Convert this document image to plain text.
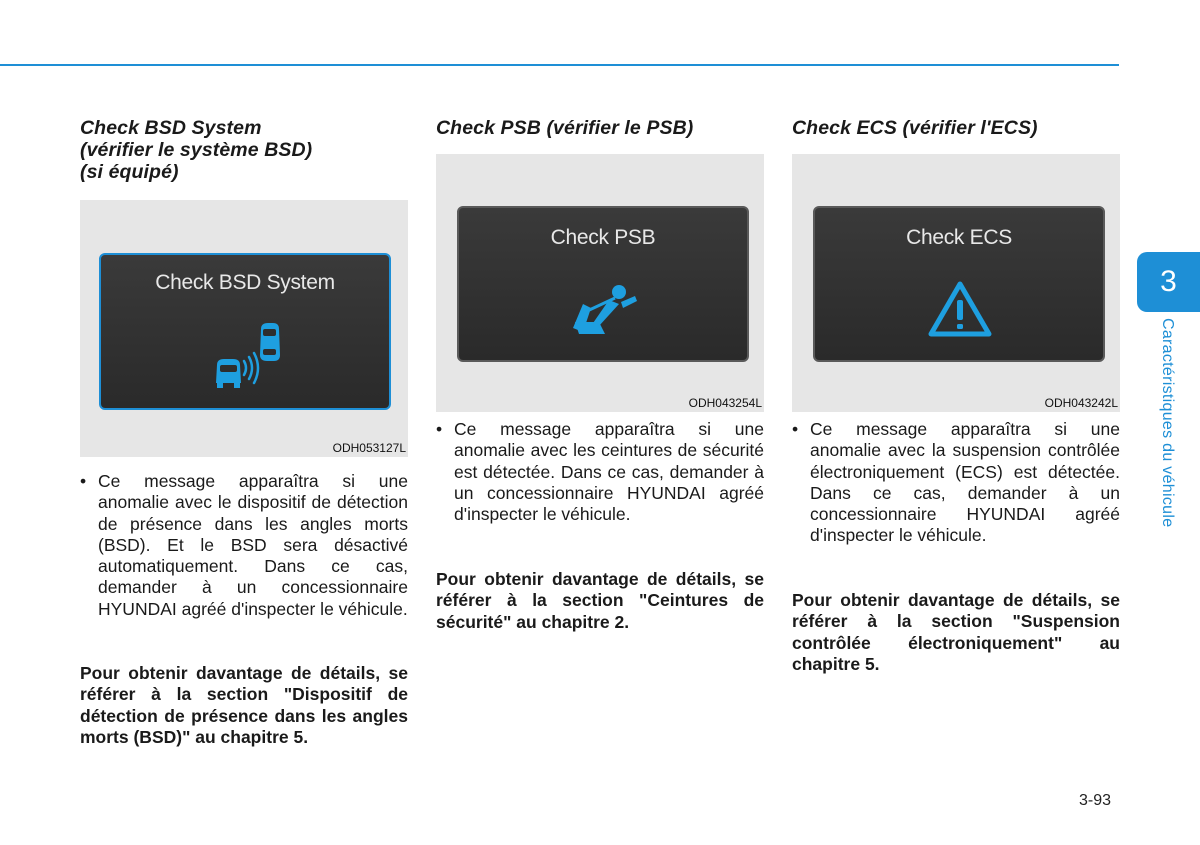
Check BSD System
(vérifier le système BSD)
(si équipé)
Check BSD System
ODH053127L
• Ce message apparaîtra si une anomalie avec le dispositif de détection de présence dans les angles morts (BSD). Et le BSD sera désactivé automatiquement. Dans ce cas, demander à un concessionnaire HYUNDAI agréé d'inspecter le véhicule.
Pour obtenir davantage de détails, se référer à la section "Dispositif de détection de présence dans les angles morts (BSD)" au chapitre 5.
Check PSB (vérifier le PSB)
Check PSB
ODH043254L
• Ce message apparaîtra si une anomalie avec les ceintures de sécurité est détectée. Dans ce cas, demander à un concessionnaire HYUNDAI agréé d'inspecter le véhicule.
Pour obtenir davantage de détails, se référer à la section "Ceintures de sécurité" au chapitre 2.
Check ECS (vérifier l'ECS)
Check ECS
ODH043242L
• Ce message apparaîtra si une anomalie avec la suspension contrôlée électroniquement (ECS) est détectée. Dans ce cas, demander à un concessionnaire HYUNDAI agréé d'inspecter le véhicule.
Pour obtenir davantage de détails, se référer à la section "Suspension contrôlée électroniquement" au chapitre 5.
3
Caractéristiques du véhicule
3-93
